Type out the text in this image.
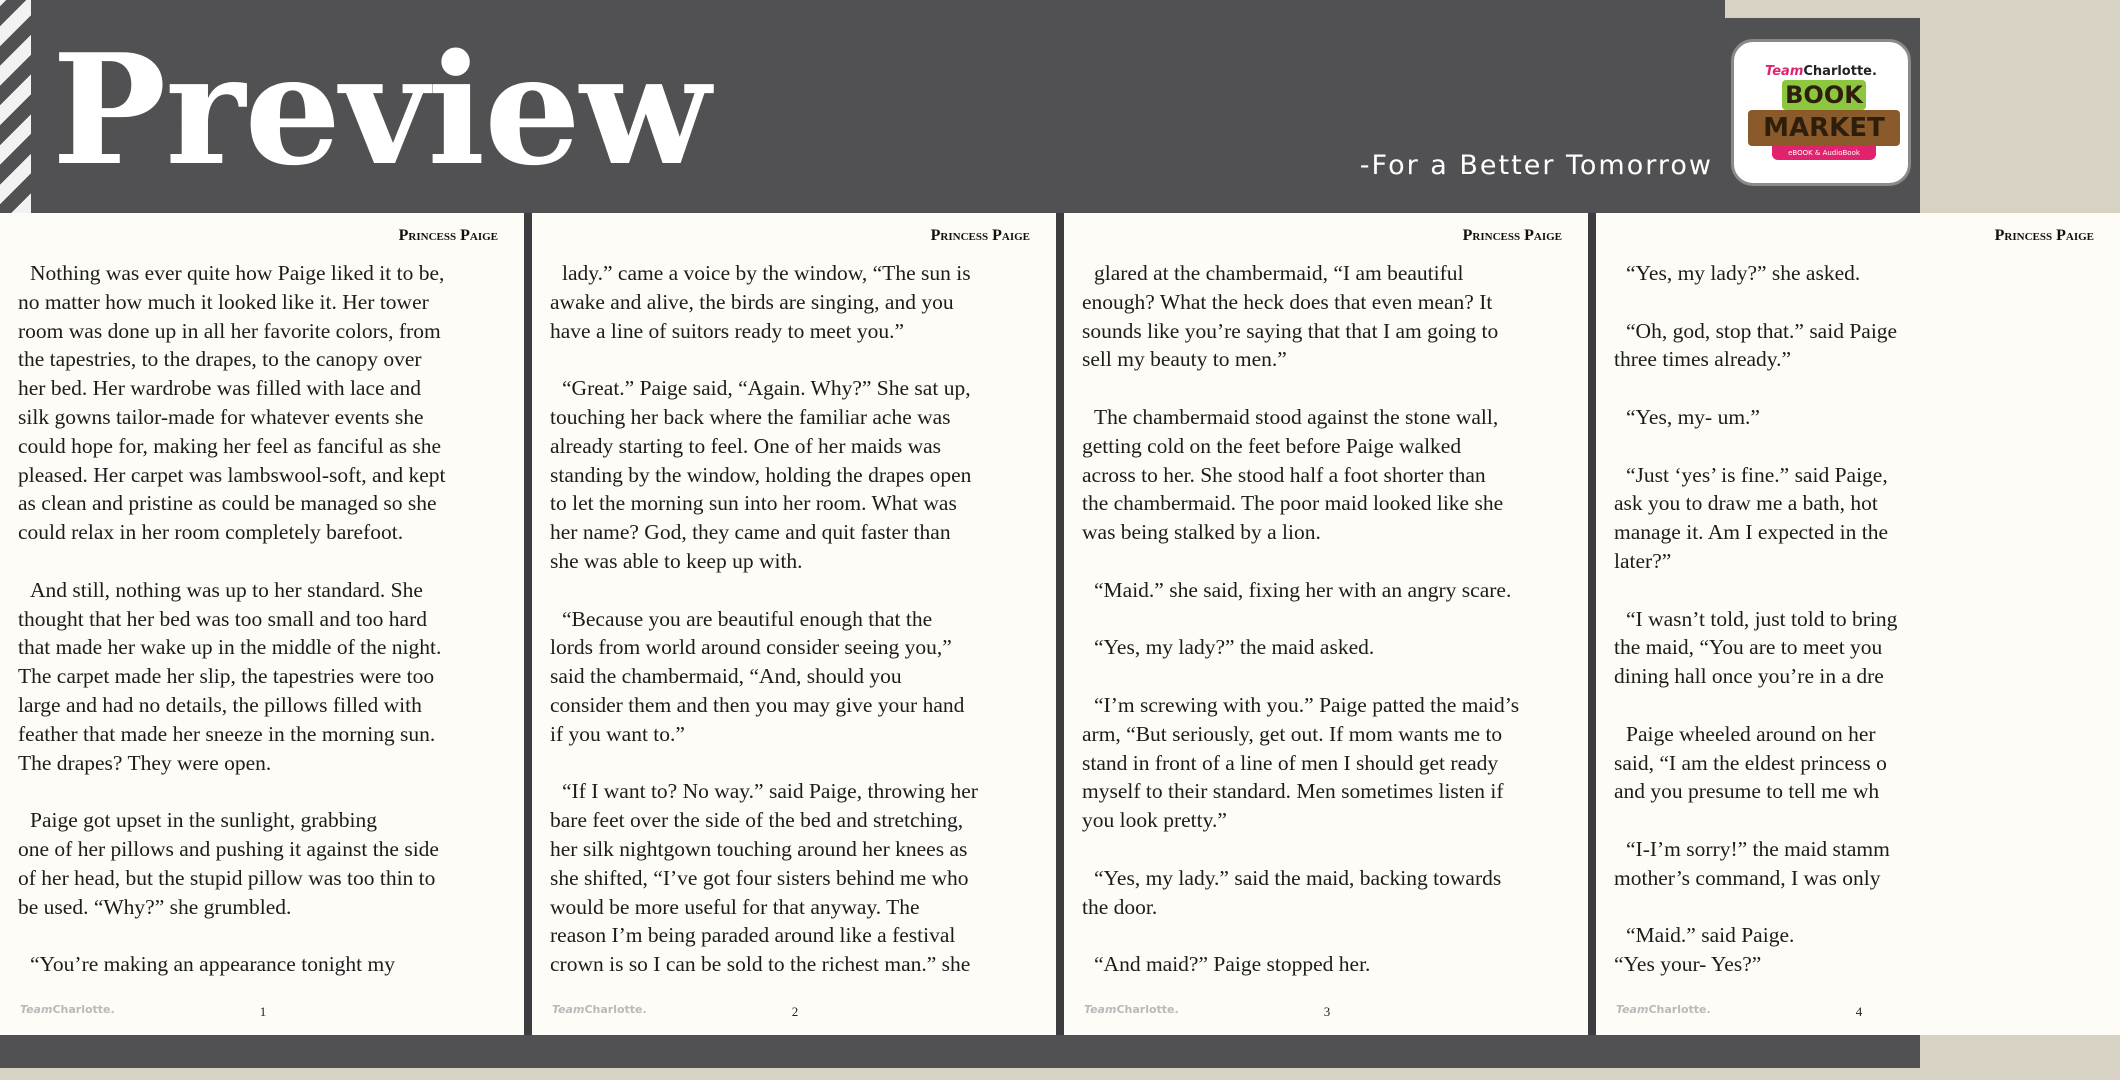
Preview	-For a Better Tomorrow
TeamCharlotte.
BOOK
MARKET
eBOOK & AudioBook
Princess Paige

Nothing was ever quite how Paige liked it to be,
no matter how much it looked like it. Her tower
room was done up in all her favorite colors, from
the tapestries, to the drapes, to the canopy over
her bed. Her wardrobe was filled with lace and
silk gowns tailor-made for whatever events she
could hope for, making her feel as fanciful as she
pleased. Her carpet was lambswool-soft, and kept
as clean and pristine as could be managed so she
could relax in her room completely barefoot.

And still, nothing was up to her standard. She
thought that her bed was too small and too hard
that made her wake up in the middle of the night.
The carpet made her slip, the tapestries were too
large and had no details, the pillows filled with
feather that made her sneeze in the morning sun.
The drapes? They were open.

Paige got upset in the sunlight, grabbing
one of her pillows and pushing it against the side
of her head, but the stupid pillow was too thin to
be used. “Why?” she grumbled.

“You’re making an appearance tonight my

TeamCharlotte.	1
Princess Paige

lady.” came a voice by the window, “The sun is
awake and alive, the birds are singing, and you
have a line of suitors ready to meet you.”

“Great.” Paige said, “Again. Why?” She sat up,
touching her back where the familiar ache was
already starting to feel. One of her maids was
standing by the window, holding the drapes open
to let the morning sun into her room. What was
her name? God, they came and quit faster than
she was able to keep up with.

“Because you are beautiful enough that the
lords from world around consider seeing you,”
said the chambermaid, “And, should you
consider them and then you may give your hand
if you want to.”

“If I want to? No way.” said Paige, throwing her
bare feet over the side of the bed and stretching,
her silk nightgown touching around her knees as
she shifted, “I’ve got four sisters behind me who
would be more useful for that anyway. The
reason I’m being paraded around like a festival
crown is so I can be sold to the richest man.” she

TeamCharlotte.	2
Princess Paige

glared at the chambermaid, “I am beautiful
enough? What the heck does that even mean? It
sounds like you’re saying that that I am going to
sell my beauty to men.”

The chambermaid stood against the stone wall,
getting cold on the feet before Paige walked
across to her. She stood half a foot shorter than
the chambermaid. The poor maid looked like she
was being stalked by a lion.

“Maid.” she said, fixing her with an angry scare.

“Yes, my lady?” the maid asked.

“I’m screwing with you.” Paige patted the maid’s
arm, “But seriously, get out. If mom wants me to
stand in front of a line of men I should get ready
myself to their standard. Men sometimes listen if
you look pretty.”

“Yes, my lady.” said the maid, backing towards
the door.

“And maid?” Paige stopped her.

TeamCharlotte.	3
Princess Paige

“Yes, my lady?” she asked.

“Oh, god, stop that.” said Paige
three times already.”

“Yes, my- um.”

“Just ‘yes’ is fine.” said Paige,
ask you to draw me a bath, hot
manage it. Am I expected in the
later?”

“I wasn’t told, just told to bring
the maid, “You are to meet you
dining hall once you’re in a dre

Paige wheeled around on her
said, “I am the eldest princess o
and you presume to tell me wh

“I-I’m sorry!” the maid stamm
mother’s command, I was only

“Maid.” said Paige.
“Yes your- Yes?”

TeamCharlotte.	4
